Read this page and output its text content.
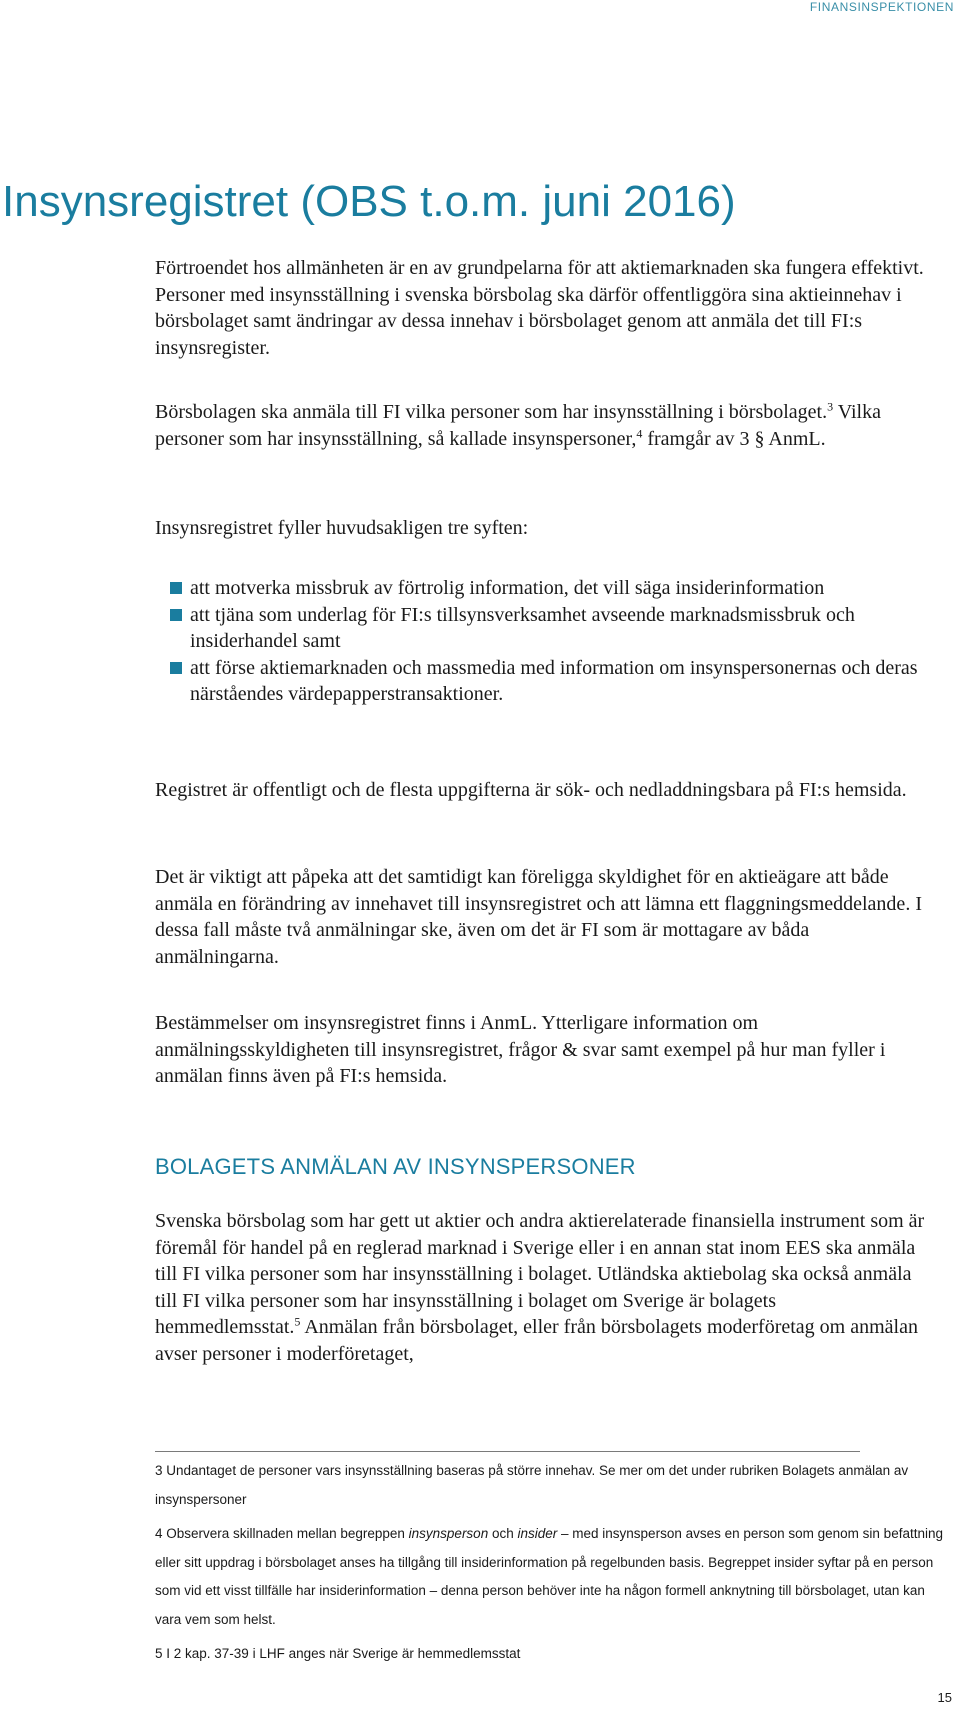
FINANSINSPEKTIONEN
Insynsregistret (OBS t.o.m. juni 2016)

Förtroendet hos allmänheten är en av grundpelarna för att aktiemarknaden ska fungera effektivt. Personer med insynsställning i svenska börsbolag ska därför offentliggöra sina aktieinnehav i börsbolaget samt ändringar av dessa innehav i börsbolaget genom att anmäla det till FI:s insynsregister.

Börsbolagen ska anmäla till FI vilka personer som har insynsställning i börsbolaget.$^3$ Vilka personer som har insynsställning, så kallade insynspersoner,$^4$ framgår av 3 § AnmL.

Insynsregistret fyller huvudsakligen tre syften:

att motverka missbruk av förtrolig information, det vill säga insiderinformation
att tjäna som underlag för FI:s tillsynsverksamhet avseende marknadsmissbruk och insiderhandel samt
att förse aktiemarknaden och massmedia med information om insynspersonernas och deras närståendes värdepapperstransaktioner.

Registret är offentligt och de flesta uppgifterna är sök- och nedladdningsbara på FI:s hemsida.

Det är viktigt att påpeka att det samtidigt kan föreligga skyldighet för en aktieägare att både anmäla en förändring av innehavet till insynsregistret och att lämna ett flaggningsmeddelande. I dessa fall måste två anmälningar ske, även om det är FI som är mottagare av båda anmälningarna.

Bestämmelser om insynsregistret finns i AnmL. Ytterligare information om anmälningsskyldigheten till insynsregistret, frågor & svar samt exempel på hur man fyller i anmälan finns även på FI:s hemsida.

BOLAGETS ANMÄLAN AV INSYNSPERSONER

Svenska börsbolag som har gett ut aktier och andra aktierelaterade finansiella instrument som är föremål för handel på en reglerad marknad i Sverige eller i en annan stat inom EES ska anmäla till FI vilka personer som har insynsställning i bolaget. Utländska aktiebolag ska också anmäla till FI vilka personer som har insynsställning i bolaget om Sverige är bolagets hemmedlemsstat.$^5$ Anmälan från börsbolaget, eller från börsbolagets moderföretag om anmälan avser personer i moderföretaget,

3 Undantaget de personer vars insynsställning baseras på större innehav. Se mer om det under rubriken Bolagets anmälan av insynspersoner

4 Observera skillnaden mellan begreppen insynsperson och insider – med insynsperson avses en person som genom sin befattning eller sitt uppdrag i börsbolaget anses ha tillgång till insiderinformation på regelbunden basis. Begreppet insider syftar på en person som vid ett visst tillfälle har insiderinformation – denna person behöver inte ha någon formell anknytning till börsbolaget, utan kan vara vem som helst.

5 I 2 kap. 37-39 i LHF anges när Sverige är hemmedlemsstat

15
